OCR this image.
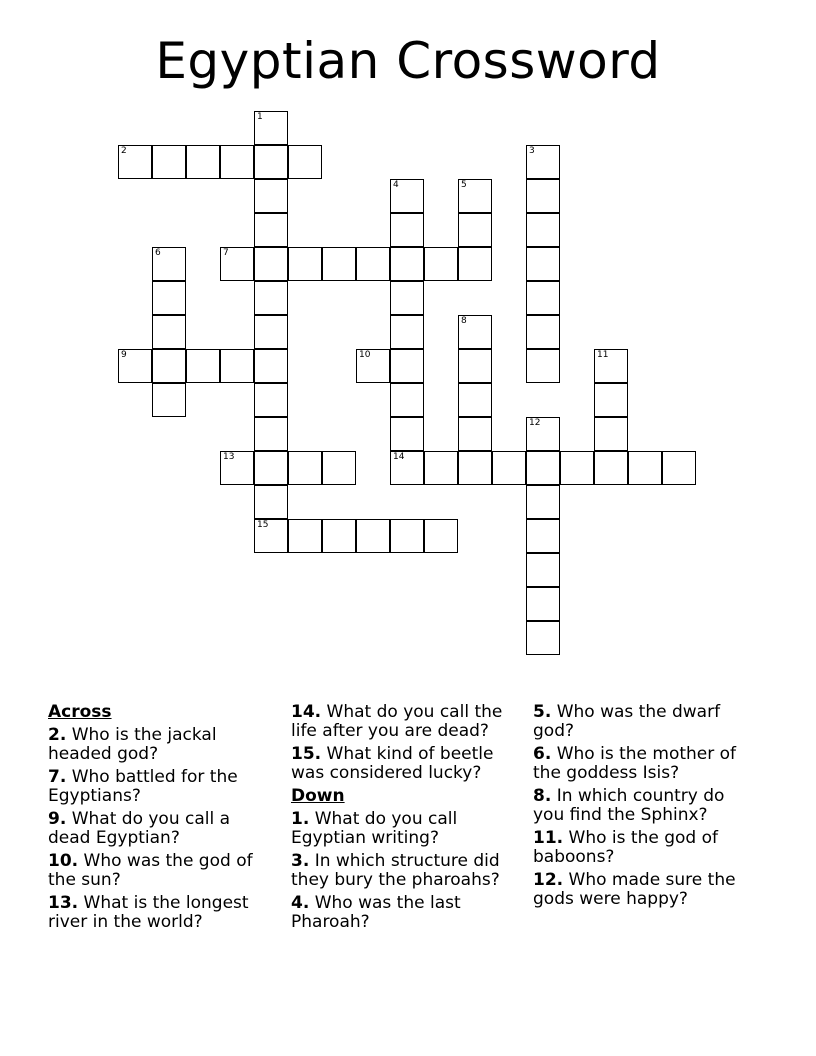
Egyptian Crossword
1
2	3
4	5
6	7
8
9	10	11
12
13	14
15
Across
2. Who is the jackal headed god?
7. Who battled for the Egyptians?
9. What do you call a dead Egyptian?
10. Who was the god of the sun?
13. What is the longest river in the world?
14. What do you call the life after you are dead?
15. What kind of beetle was considered lucky?
Down
1. What do you call Egyptian writing?
3. In which structure did they bury the pharoahs?
4. Who was the last Pharoah?
5. Who was the dwarf god?
6. Who is the mother of the goddess Isis?
8. In which country do you find the Sphinx?
11. Who is the god of baboons?
12. Who made sure the gods were happy?
